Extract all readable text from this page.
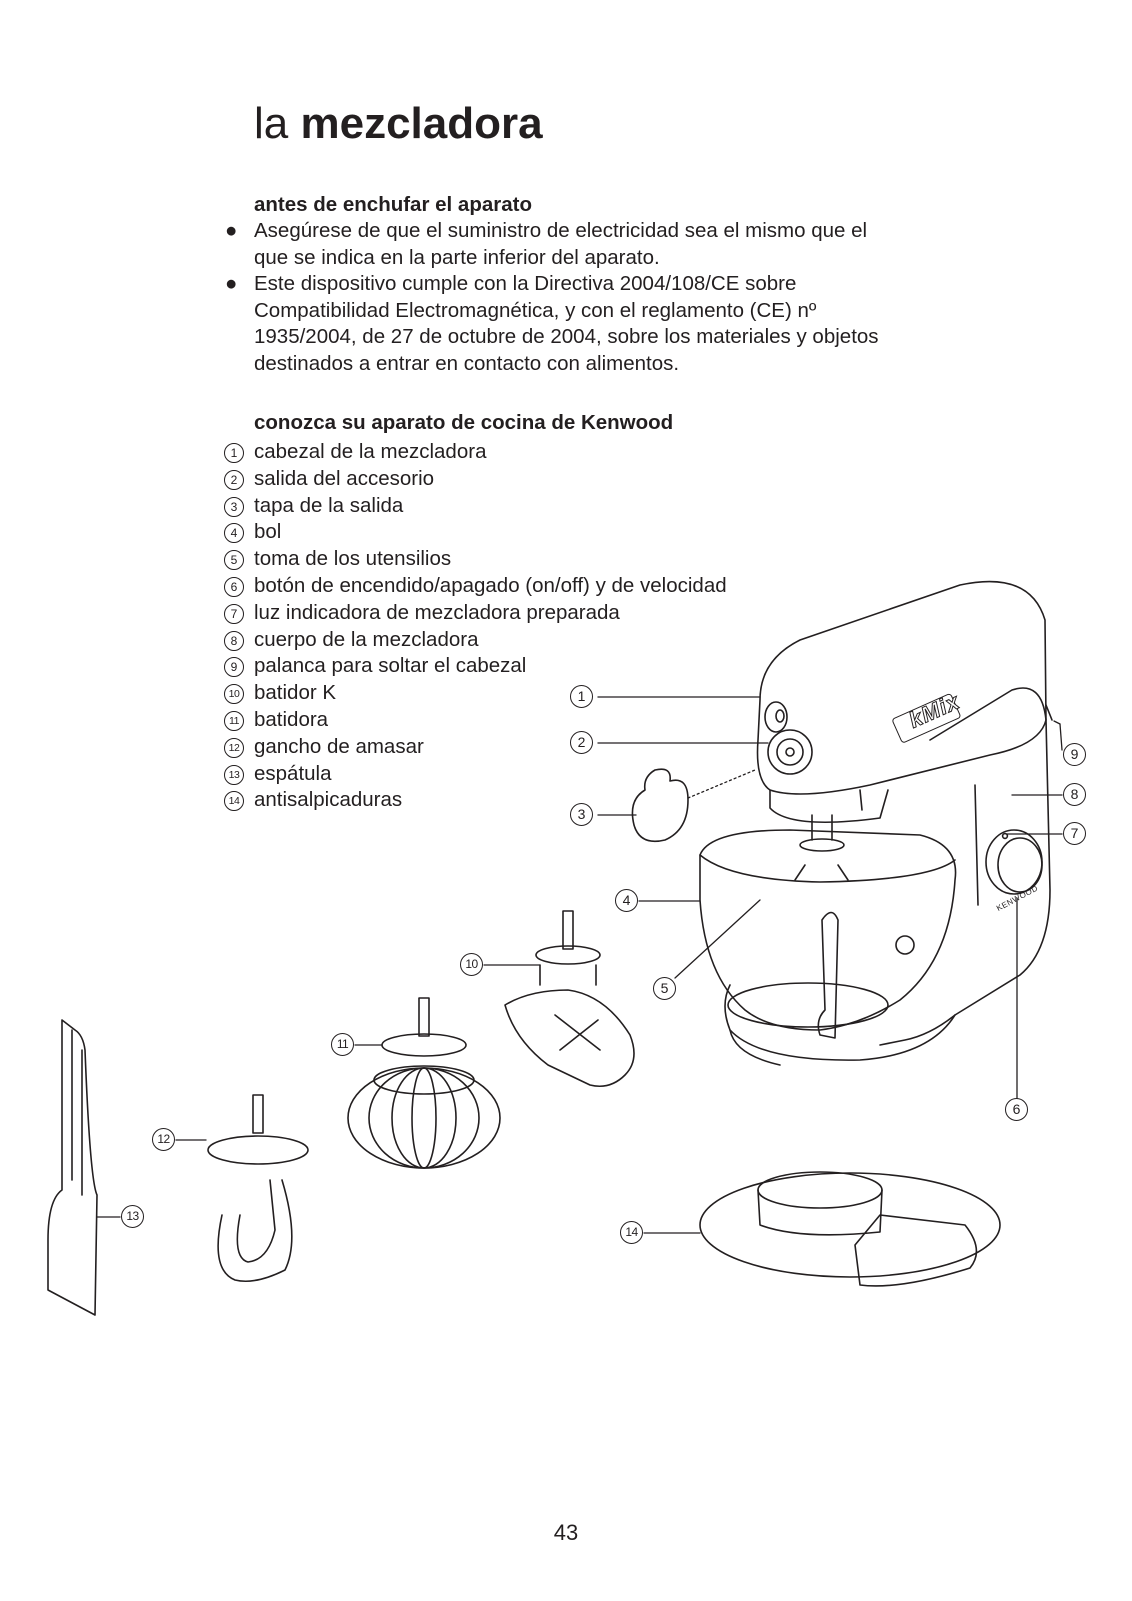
la mezcladora
antes de enchufar el aparato
● Asegúrese de que el suministro de electricidad sea el mismo que el que se indica en la parte inferior del aparato.
● Este dispositivo cumple con la Directiva 2004/108/CE sobre Compatibilidad Electromagnética, y con el reglamento (CE) nº 1935/2004, de 27 de octubre de 2004, sobre los materiales y objetos destinados a entrar en contacto con alimentos.
conozca su aparato de cocina de Kenwood
1 cabezal de la mezcladora
2 salida del accesorio
3 tapa de la salida
4 bol
5 toma de los utensilios
6 botón de encendido/apagado (on/off) y de velocidad
7 luz indicadora de mezcladora preparada
8 cuerpo de la mezcladora
9 palanca para soltar el cabezal
10 batidor K
11 batidora
12 gancho de amasar
13 espátula
14 antisalpicaduras
kMix
KENWOOD
1
2
3
4
5
6
7
8
9
10
11
12
13
14
43
